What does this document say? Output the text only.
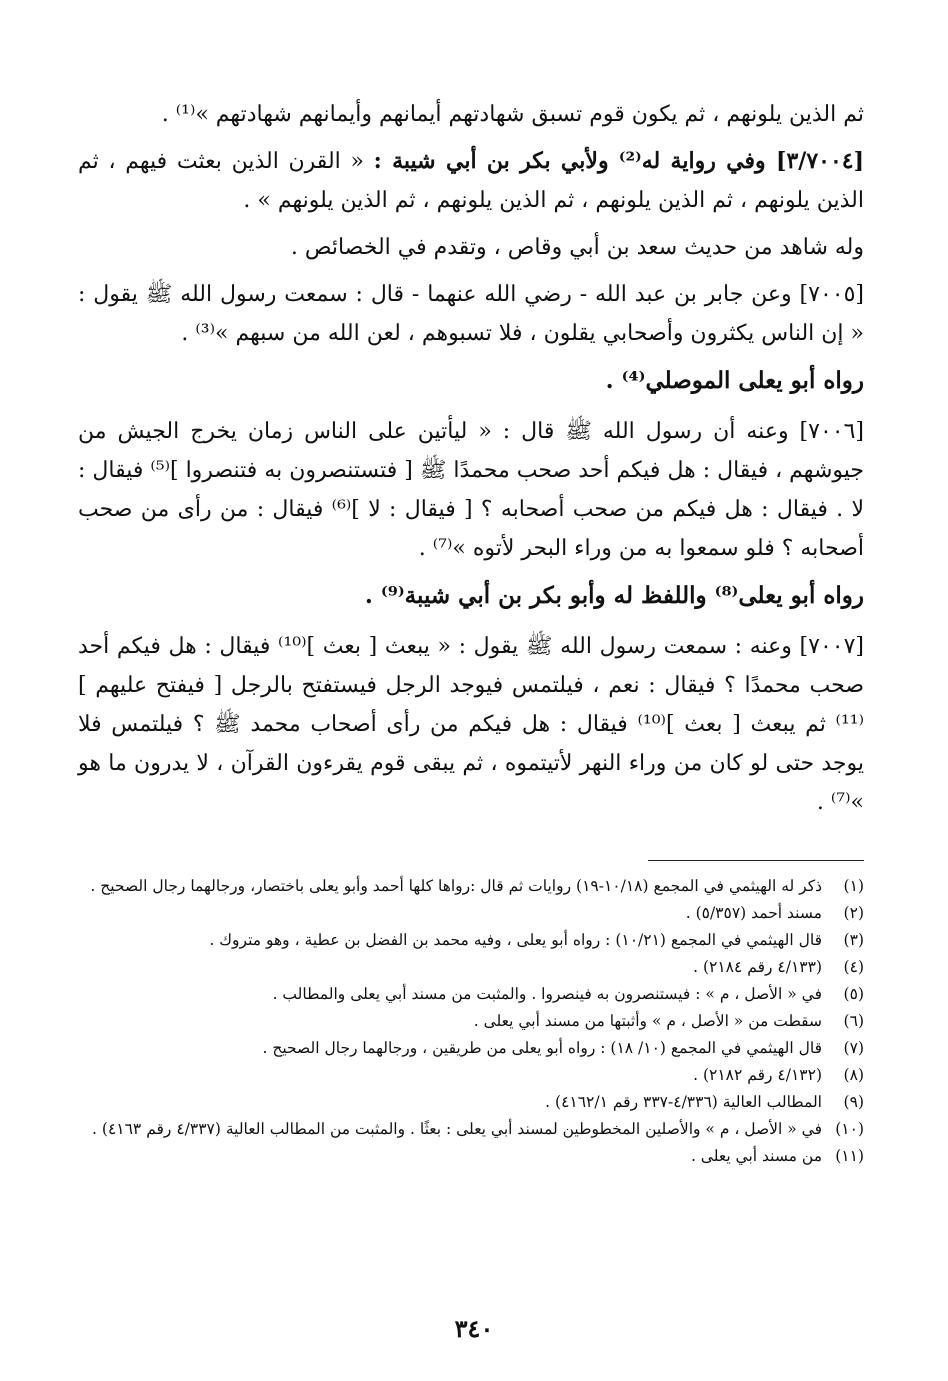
ثم الذين يلونهم ، ثم يكون قوم تسبق شهادتهم أيمانهم وأيمانهم شهادتهم »⁽¹⁾ .

[٣/٧٠٠٤] وفي رواية له⁽²⁾ ولأبي بكر بن أبي شيبة : « القرن الذين بعثت فيهم ، ثم الذين يلونهم ، ثم الذين يلونهم ، ثم الذين يلونهم ، ثم الذين يلونهم » .

وله شاهد من حديث سعد بن أبي وقاص ، وتقدم في الخصائص .

[٧٠٠٥] وعن جابر بن عبد الله - رضي الله عنهما - قال : سمعت رسول الله ﷺ يقول : « إن الناس يكثرون وأصحابي يقلون ، فلا تسبوهم ، لعن الله من سبهم »⁽³⁾ .

رواه أبو يعلى الموصلي⁽⁴⁾ .

[٧٠٠٦] وعنه أن رسول الله ﷺ قال : « ليأتين على الناس زمان يخرج الجيش من جيوشهم ، فيقال : هل فيكم أحد صحب محمدًا ﷺ [ فتستنصرون به فتنصروا ]⁽⁵⁾ فيقال : لا . فيقال : هل فيكم من صحب أصحابه ؟ [ فيقال : لا ]⁽⁶⁾ فيقال : من رأى من صحب أصحابه ؟ فلو سمعوا به من وراء البحر لأتوه »⁽⁷⁾ .

رواه أبو يعلى⁽⁸⁾ واللفظ له وأبو بكر بن أبي شيبة⁽⁹⁾ .

[٧٠٠٧] وعنه : سمعت رسول الله ﷺ يقول : « يبعث [ بعث ]⁽¹⁰⁾ فيقال : هل فيكم أحد صحب محمدًا ؟ فيقال : نعم ، فيلتمس فيوجد الرجل فيستفتح بالرجل [ فيفتح عليهم ]⁽¹¹⁾ ثم يبعث [ بعث ]⁽¹⁰⁾ فيقال : هل فيكم من رأى أصحاب محمد ﷺ ؟ فيلتمس فلا يوجد حتى لو كان من وراء النهر لأتيتموه ، ثم يبقى قوم يقرءون القرآن ، لا يدرون ما هو »⁽⁷⁾ .

(١)
ذكر له الهيثمي في المجمع (١٠/١٨-١٩) روايات ثم قال :رواها كلها أحمد وأبو يعلى باختصار، ورجالهما رجال الصحيح .
(٢)
مسند أحمد (٥/٣٥٧) .
(٣)
قال الهيثمي في المجمع (١٠/٢١) : رواه أبو يعلى ، وفيه محمد بن الفضل بن عطية ، وهو متروك .
(٤)
(٤/١٣٣ رقم ٢١٨٤) .
(٥)
في « الأصل ، م » : فيستنصرون به فينصروا . والمثبت من مسند أبي يعلى والمطالب .
(٦)
سقطت من « الأصل ، م » وأثبتها من مسند أبي يعلى .
(٧)
قال الهيثمي في المجمع (١٠/ ١٨) : رواه أبو يعلى من طريقين ، ورجالهما رجال الصحيح .
(٨)
(٤/١٣٢ رقم ٢١٨٢) .
(٩)
المطالب العالية (٤/٣٣٦-٣٣٧ رقم ٤١٦٢/١) .
(١٠)
في « الأصل ، م » والأصلين المخطوطين لمسند أبي يعلى : بعثًا . والمثبت من المطالب العالية (٤/٣٣٧ رقم ٤١٦٣) .
(١١)
من مسند أبي يعلى .
٣٤٠
